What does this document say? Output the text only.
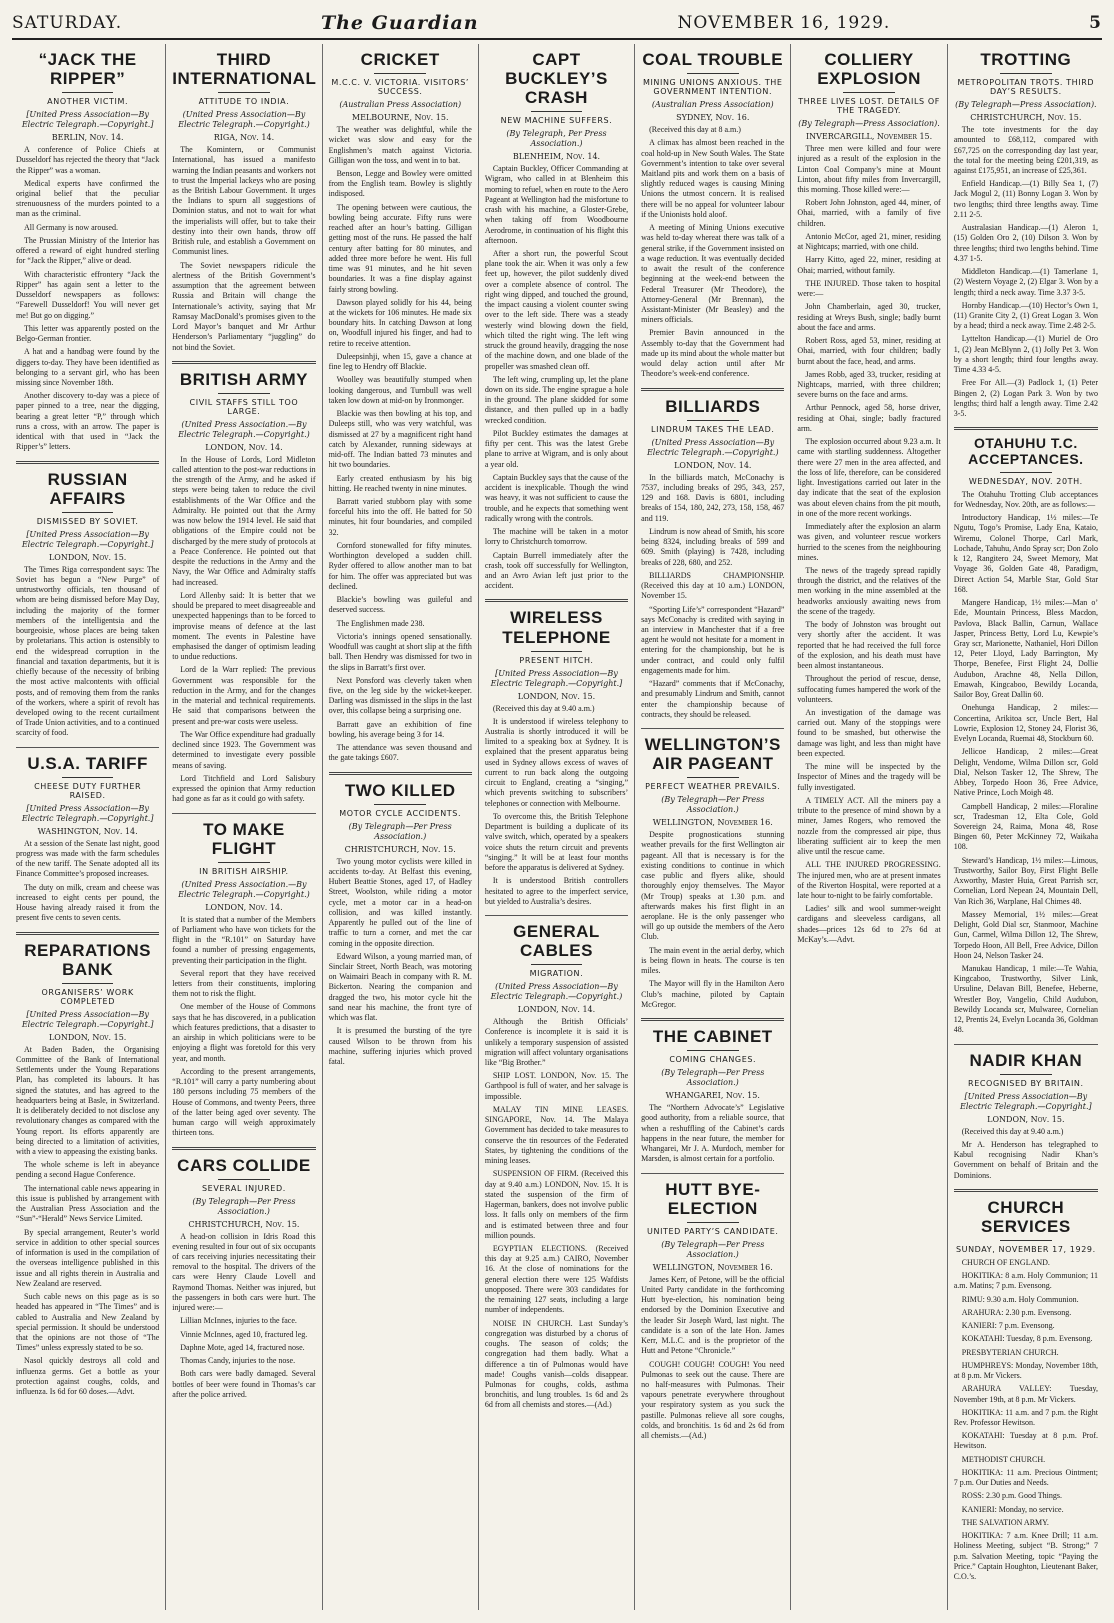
SATURDAY.	The Guardian	NOVEMBER 16, 1929.	5
“JACK THE RIPPER”
ANOTHER VICTIM.
[United Press Association—By Electric Telegraph.—Copyright.]
BERLIN, Nov. 14.

A conference of Police Chiefs at Dusseldorf has rejected the theory that “Jack the Ripper” was a woman.

Medical experts have confirmed the original belief that the peculiar strenuousness of the murders pointed to a man as the criminal.

All Germany is now aroused.

The Prussian Ministry of the Interior has offered a reward of eight hundred sterling for “Jack the Ripper,” alive or dead.

With characteristic effrontery “Jack the Ripper” has again sent a letter to the Dusseldorf newspapers as follows: “Farewell Dusseldorf! You will never get me! But go on digging.”

This letter was apparently posted on the Belgo-German frontier.

A hat and a handbag were found by the diggers to-day. They have been identified as belonging to a servant girl, who has been missing since November 18th.

Another discovery to-day was a piece of paper pinned to a tree, near the digging, bearing a great letter “P,” through which runs a cross, with an arrow. The paper is identical with that used in “Jack the Ripper’s” letters.

RUSSIAN AFFAIRS
DISMISSED BY SOVIET.
[United Press Association—By Electric Telegraph.—Copyright.]
LONDON, Nov. 15.

The Times Riga correspondent says: The Soviet has begun a “New Purge” of untrustworthy officials, ten thousand of whom are being dismissed before May Day, including the majority of the former members of the intelligentsia and the bourgeoisie, whose places are being taken by proletarians. This action is ostensibly to end the widespread corruption in the financial and taxation departments, but it is chiefly because of the necessity of bribing the most active malcontents with official posts, and of removing them from the ranks of the workers, where a spirit of revolt has developed owing to the recent curtailment of Trade Union activities, and to a continued scarcity of food.

U.S.A. TARIFF
CHEESE DUTY FURTHER RAISED.
[United Press Association—By Electric Telegraph.—Copyright.]
WASHINGTON, Nov. 14.

At a session of the Senate last night, good progress was made with the farm schedules of the new tariff. The Senate adopted all its Finance Committee’s proposed increases.

The duty on milk, cream and cheese was increased to eight cents per pound, the House having already raised it from the present five cents to seven cents.

REPARATIONS BANK
ORGANISERS’ WORK COMPLETED
[United Press Association—By Electric Telegraph.—Copyright.]
LONDON, Nov. 15.

At Baden Baden, the Organising Committee of the Bank of International Settlements under the Young Reparations Plan, has completed its labours. It has signed the statutes, and has agreed to the headquarters being at Basle, in Switzerland. It is deliberately decided to not disclose any revolutionary changes as compared with the Young report. Its efforts apparently are being directed to a limitation of activities, with a view to appeasing the existing banks.

The whole scheme is left in abeyance pending a second Hague Conference.

The international cable news appearing in this issue is published by arrangement with the Australian Press Association and the “Sun”-“Herald” News Service Limited.

By special arrangement, Reuter’s world service in addition to other special sources of information is used in the compilation of the overseas intelligence published in this issue and all rights therein in Australia and New Zealand are reserved.

Such cable news on this page as is so headed has appeared in “The Times” and is cabled to Australia and New Zealand by special permission. It should be understood that the opinions are not those of “The Times” unless expressly stated to be so.

Nasol quickly destroys all cold and influenza germs. Get a bottle as your protection against coughs, colds, and influenza. Is 6d for 60 doses.—Advt.

THIRD INTERNATIONAL
ATTITUDE TO INDIA.
(United Press Association—By Electric Telegraph.—Copyright.)
RIGA, Nov. 14.

The Komintern, or Communist International, has issued a manifesto warning the Indian peasants and workers not to trust the Imperial lackeys who are posing as the British Labour Government. It urges the Indians to spurn all suggestions of Dominion status, and not to wait for what the imperialists will offer, but to take their destiny into their own hands, throw off British rule, and establish a Government on Communist lines.

The Soviet newspapers ridicule the alertness of the British Government’s assumption that the agreement between Russia and Britain will change the Internationale’s activity, saying that Mr Ramsay MacDonald’s promises given to the Lord Mayor’s banquet and Mr Arthur Henderson’s Parliamentary “juggling” do not bind the Soviet.

BRITISH ARMY
CIVIL STAFFS STILL TOO LARGE.
(United Press Association.—By Electric Telegraph.—Copyright.)
LONDON, Nov. 14.

In the House of Lords, Lord Midleton called attention to the post-war reductions in the strength of the Army, and he asked if steps were being taken to reduce the civil establishments of the War Office and the Admiralty. He pointed out that the Army was now below the 1914 level. He said that obligations of the Empire could not be discharged by the mere study of protocols at a Peace Conference. He pointed out that despite the reductions in the Army and the Navy, the War Office and Admiralty staffs had increased.

Lord Allenby said: It is better that we should be prepared to meet disagreeable and unexpected happenings than to be forced to improvise means of defence at the last moment. The events in Palestine have emphasised the danger of optimism leading to undue reductions.

Lord de la Warr replied: The previous Government was responsible for the reduction in the Army, and for the changes in the material and technical requirements. He said that comparisons between the present and pre-war costs were useless.

The War Office expenditure had gradually declined since 1923. The Government was determined to investigate every possible means of saving.

Lord Titchfield and Lord Salisbury expressed the opinion that Army reduction had gone as far as it could go with safety.

TO MAKE FLIGHT
IN BRITISH AIRSHIP.
(United Press Association.—By Electric Telegraph.—Copyright.)
LONDON, Nov. 14.

It is stated that a number of the Members of Parliament who have won tickets for the flight in the “R.101” on Saturday have found a number of pressing engagements, preventing their participation in the flight.

Several report that they have received letters from their constituents, imploring them not to risk the flight.

One member of the House of Commons says that he has discovered, in a publication which features predictions, that a disaster to an airship in which politicians were to be enjoying a flight was foretold for this very year, and month.

According to the present arrangements, “R.101” will carry a party numbering about 180 persons including 75 members of the House of Commons, and twenty Peers, three of the latter being aged over seventy. The human cargo will weigh approximately thirteen tons.

CARS COLLIDE
SEVERAL INJURED.
(By Telegraph—Per Press Association.)
CHRISTCHURCH, Nov. 15.

A head-on collision in Idris Road this evening resulted in four out of six occupants of cars receiving injuries necessitating their removal to the hospital. The drivers of the cars were Henry Claude Lovell and Raymond Thomas. Neither was injured, but the passengers in both cars were hurt. The injured were:—

Lillian McInnes, injuries to the face.

Vinnie McInnes, aged 10, fractured leg.

Daphne Mote, aged 14, fractured nose.

Thomas Candy, injuries to the nose.

Both cars were badly damaged. Several bottles of beer were found in Thomas’s car after the police arrived.

CRICKET
M.C.C. V. VICTORIA. VISITORS’ SUCCESS.
(Australian Press Association)
MELBOURNE, Nov. 15.

The weather was delightful, while the wicket was slow and easy for the Englishmen’s match against Victoria. Gilligan won the toss, and went in to bat.

Benson, Legge and Bowley were omitted from the English team. Bowley is slightly indisposed.

The opening between were cautious, the bowling being accurate. Fifty runs were reached after an hour’s batting. Gilligan getting most of the runs. He passed the half century after batting for 80 minutes, and added three more before he went. His full time was 91 minutes, and he hit seven boundaries. It was a fine display against fairly strong bowling.

Dawson played solidly for his 44, being at the wickets for 106 minutes. He made six boundary hits. In catching Dawson at long on, Woodfull injured his finger, and had to retire to receive attention.

Duleepsinhji, when 15, gave a chance at fine leg to Hendry off Blackie.

Woolley was beautifully stumped when looking dangerous, and Turnbull was well taken low down at mid-on by Ironmonger.

Blackie was then bowling at his top, and Duleeps still, who was very watchful, was dismissed at 27 by a magnificent right hand catch by Alexander, running sideways at mid-off. The Indian batted 73 minutes and hit two boundaries.

Early created enthusiasm by his big hitting. He reached twenty in nine minutes.

Barratt varied stubborn play with some forceful hits into the off. He batted for 50 minutes, hit four boundaries, and compiled 32.

Cornford stonewalled for fifty minutes. Worthington developed a sudden chill. Ryder offered to allow another man to bat for him. The offer was appreciated but was declined.

Blackie’s bowling was guileful and deserved success.

The Englishmen made 238.

Victoria’s innings opened sensationally. Woodfull was caught at short slip at the fifth ball. Then Hendry was dismissed for two in the slips in Barratt’s first over.

Next Ponsford was cleverly taken when five, on the leg side by the wicket-keeper. Darling was dismissed in the slips in the last over, this collapse being a surprising one.

Barratt gave an exhibition of fine bowling, his average being 3 for 14.

The attendance was seven thousand and the gate takings £607.

TWO KILLED
MOTOR CYCLE ACCIDENTS.
(By Telegraph—Per Press Association.)
CHRISTCHURCH, Nov. 15.

Two young motor cyclists were killed in accidents to-day. At Belfast this evening, Hubert Beattie Stones, aged 17, of Hadley Street, Woolston, while riding a motor cycle, met a motor car in a head-on collision, and was killed instantly. Apparently he pulled out of the line of traffic to turn a corner, and met the car coming in the opposite direction.

Edward Wilson, a young married man, of Sinclair Street, North Beach, was motoring on Waimairi Beach in company with R. M. Bickerton. Nearing the companion and dragged the two, his motor cycle hit the sand near his machine, the front tyre of which was flat.

It is presumed the bursting of the tyre caused Wilson to be thrown from his machine, suffering injuries which proved fatal.

CAPT BUCKLEY’S CRASH
NEW MACHINE SUFFERS.
(By Telegraph, Per Press Association.)
BLENHEIM, Nov. 14.

Captain Buckley, Officer Commanding at Wigram, who called in at Blenheim this morning to refuel, when en route to the Aero Pageant at Wellington had the misfortune to crash with his machine, a Gloster-Grebe, when taking off from Woodbourne Aerodrome, in continuation of his flight this afternoon.

After a short run, the powerful Scout plane took the air. When it was only a few feet up, however, the pilot suddenly dived over a complete absence of control. The right wing dipped, and touched the ground, the impact causing a violent counter swing over to the left side. There was a steady westerly wind blowing down the field, which tilted the right wing. The left wing struck the ground heavily, dragging the nose of the machine down, and one blade of the propeller was smashed clean off.

The left wing, crumpling up, let the plane down on its side. The engine sprague a hole in the ground. The plane skidded for some distance, and then pulled up in a badly wrecked condition.

Pilot Buckley estimates the damages at fifty per cent. This was the latest Grebe plane to arrive at Wigram, and is only about a year old.

Captain Buckley says that the cause of the accident is inexplicable. Though the wind was heavy, it was not sufficient to cause the trouble, and he expects that something went radically wrong with the controls.

The machine will be taken in a motor lorry to Christchurch tomorrow.

Captain Burrell immediately after the crash, took off successfully for Wellington, and an Avro Avian left just prior to the accident.

WIRELESS TELEPHONE
PRESENT HITCH.
[United Press Association—By Electric Telegraph.—Copyright.]
LONDON, Nov. 15.

(Received this day at 9.40 a.m.)

It is understood if wireless telephony to Australia is shortly introduced it will be limited to a speaking box at Sydney. It is explained that the present apparatus being used in Sydney allows excess of waves of current to run back along the outgoing circuit to England, creating a “singing,” which prevents switching to subscribers’ telephones or connection with Melbourne.

To overcome this, the British Telephone Department is building a duplicate of its valve switch, which, operated by a speakers voice shuts the return circuit and prevents “singing.” It will be at least four months before the apparatus is delivered at Sydney.

It is understood British controllers hesitated to agree to the imperfect service, but yielded to Australia’s desires.

GENERAL CABLES
MIGRATION.
(United Press Association—By Electric Telegraph.—Copyright.)
LONDON, Nov. 14.

Although the British Officials’ Conference is incomplete it is said it is unlikely a temporary suspension of assisted migration will affect voluntary organisations like “Big Brother.”

SHIP LOST. LONDON, Nov. 15. The Garthpool is full of water, and her salvage is impossible.

MALAY TIN MINE LEASES. SINGAPORE, Nov. 14. The Malaya Government has decided to take measures to conserve the tin resources of the Federated States, by tightening the conditions of the mining leases.

SUSPENSION OF FIRM. (Received this day at 9.40 a.m.) LONDON, Nov. 15. It is stated the suspension of the firm of Hagerman, bankers, does not involve public loss. It falls only on members of the firm and is estimated between three and four million pounds.

EGYPTIAN ELECTIONS. (Received this day at 9.25 a.m.) CAIRO, November 16. At the close of nominations for the general election there were 125 Wafdists unopposed. There were 303 candidates for the remaining 127 seats, including a large number of independents.

NOISE IN CHURCH. Last Sunday’s congregation was disturbed by a chorus of coughs. The season of colds; the congregation had them badly. What a difference a tin of Pulmonas would have made! Coughs vanish—colds disappear. Pulmonas for coughs, colds, asthma bronchitis, and lung troubles. 1s 6d and 2s 6d from all chemists and stores.—(Ad.)

COAL TROUBLE
MINING UNIONS ANXIOUS. THE GOVERNMENT INTENTION.
(Australian Press Association)
SYDNEY, Nov. 16.

(Received this day at 8 a.m.)

A climax has almost been reached in the coal hold-up in New South Wales. The State Government’s intention to take over several Maitland pits and work them on a basis of slightly reduced wages is causing Mining Unions the utmost concern. It is realised there will be no appeal for volunteer labour if the Unionists hold aloof.

A meeting of Mining Unions executive was held to-day whereat there was talk of a general strike, if the Government insisted on a wage reduction. It was eventually decided to await the result of the conference beginning at the week-end between the Federal Treasurer (Mr Theodore), the Attorney-General (Mr Brennan), the Assistant-Minister (Mr Beasley) and the miners officials.

Premier Bavin announced in the Assembly to-day that the Government had made up its mind about the whole matter but would delay action until after Mr Theodore’s week-end conference.

BILLIARDS
LINDRUM TAKES THE LEAD.
(United Press Association—By Electric Telegraph.—Copyright.)
LONDON, Nov. 14.

In the billiards match, McConachy is 7537, including breaks of 295, 343, 257, 129 and 168. Davis is 6801, including breaks of 154, 180, 242, 273, 158, 158, 467 and 119.

Lindrum is now ahead of Smith, his score being 8324, including breaks of 599 and 609. Smith (playing) is 7428, including breaks of 228, 680, and 252.

BILLIARDS CHAMPIONSHIP. (Received this day at 10 a.m.) LONDON, November 15.

“Sporting Life’s” correspondent “Hazard” says McConachy is credited with saying in an interview in Manchester that if a free agent he would not hesitate for a moment in entering for the championship, but he is under contract, and could only fulfil engagements made for him.

“Hazard” comments that if McConachy, and presumably Lindrum and Smith, cannot enter the championship because of contracts, they should be released.

WELLINGTON’S AIR PAGEANT
PERFECT WEATHER PREVAILS.
(By Telegraph—Per Press Association.)
WELLINGTON, November 16.

Despite prognostications stunning weather prevails for the first Wellington air pageant. All that is necessary is for the existing conditions to continue in which case public and flyers alike, should thoroughly enjoy themselves. The Mayor (Mr Troup) speaks at 1.30 p.m. and afterwards makes his first flight in an aeroplane. He is the only passenger who will go up outside the members of the Aero Club.

The main event in the aerial derby, which is being flown in heats. The course is ten miles.

The Mayor will fly in the Hamilton Aero Club’s machine, piloted by Captain McGregor.

THE CABINET
COMING CHANGES.
(By Telegraph—Per Press Association.)
WHANGAREI, Nov. 15.

The “Northern Advocate’s” Legislative good authority, from a reliable source, that when a reshuffling of the Cabinet’s cards happens in the near future, the member for Whangarei, Mr J. A. Murdoch, member for Marsden, is almost certain for a portfolio.

HUTT BYE-ELECTION
UNITED PARTY’S CANDIDATE.
(By Telegraph—Per Press Association.)
WELLINGTON, November 16.

James Kerr, of Petone, will be the official United Party candidate in the forthcoming Hutt bye-election, his nomination being endorsed by the Dominion Executive and the leader Sir Joseph Ward, last night. The candidate is a son of the late Hon. James Kerr, M.L.C. and is the proprietor of the Hutt and Petone “Chronicle.”

COUGH! COUGH! COUGH! You need Pulmonas to seek out the cause. There are no half-measures with Pulmonas. Their vapours penetrate everywhere throughout your respiratory system as you suck the pastille. Pulmonas relieve all sore coughs, colds, and bronchitis. 1s 6d and 2s 6d from all chemists.—(Ad.)

COLLIERY EXPLOSION
THREE LIVES LOST. DETAILS OF THE TRAGEDY.
(By Telegraph—Press Association).
INVERCARGILL, November 15.

Three men were killed and four were injured as a result of the explosion in the Linton Coal Company’s mine at Mount Linton, about fifty miles from Invercargill, this morning. Those killed were:—

Robert John Johnston, aged 44, miner, of Ohai, married, with a family of five children.

Antonio McCor, aged 21, miner, residing at Nightcaps; married, with one child.

Harry Kitto, aged 22, miner, residing at Ohai; married, without family.

THE INJURED. Those taken to hospital were:—

John Chamberlain, aged 30, trucker, residing at Wreys Bush, single; badly burnt about the face and arms.

Robert Ross, aged 53, miner, residing at Ohai, married, with four children; badly burnt about the face, head, and arms.

James Robb, aged 33, trucker, residing at Nightcaps, married, with three children; severe burns on the face and arms.

Arthur Pennock, aged 58, horse driver, residing at Ohai, single; badly fractured arm.

The explosion occurred about 9.23 a.m. It came with startling suddenness. Altogether there were 27 men in the area affected, and the loss of life, therefore, can be considered light. Investigations carried out later in the day indicate that the seat of the explosion was about eleven chains from the pit mouth, in one of the more recent workings.

Immediately after the explosion an alarm was given, and volunteer rescue workers hurried to the scenes from the neighbouring mines.

The news of the tragedy spread rapidly through the district, and the relatives of the men working in the mine assembled at the headworks anxiously awaiting news from the scene of the tragedy.

The body of Johnston was brought out very shortly after the accident. It was reported that he had received the full force of the explosion, and his death must have been almost instantaneous.

Throughout the period of rescue, dense, suffocating fumes hampered the work of the volunteers.

An investigation of the damage was carried out. Many of the stoppings were found to be smashed, but otherwise the damage was light, and less than might have been expected.

The mine will be inspected by the Inspector of Mines and the tragedy will be fully investigated.

A TIMELY ACT. All the miners pay a tribute to the presence of mind shown by a miner, James Rogers, who removed the nozzle from the compressed air pipe, thus liberating sufficient air to keep the men alive until the rescue came.

ALL THE INJURED PROGRESSING. The injured men, who are at present inmates of the Riverton Hospital, were reported at a late hour to-night to be fairly comfortable.

Ladies’ silk and wool summer-weight cardigans and sleeveless cardigans, all shades—prices 12s 6d to 27s 6d at McKay’s.—Advt.

TROTTING
METROPOLITAN TROTS. THIRD DAY’S RESULTS.
(By Telegraph—Press Association).
CHRISTCHURCH, Nov. 15.

The tote investments for the day amounted to £68,112, compared with £67,725 on the corresponding day last year, the total for the meeting being £201,319, as against £175,951, an increase of £25,361.

Enfield Handicap.—(1) Billy Sea 1, (7) Jack Mogul 2, (11) Bonny Logan 3. Won by two lengths; third three lengths away. Time 2.11 2-5.

Australasian Handicap.—(1) Aleron 1, (15) Golden Oro 2, (10) Dilson 3. Won by three lengths; third two lengths behind. Time 4.37 1-5.

Middleton Handicap.—(1) Tamerlane 1, (2) Western Voyage 2, (2) Elgar 3. Won by a length; third a neck away. Time 3.37 3-5.

Hornby Handicap.—(10) Hector’s Own 1, (11) Granite City 2, (1) Great Logan 3. Won by a head; third a neck away. Time 2.48 2-5.

Lyttelton Handicap.—(1) Muriel de Oro 1, (2) Jean McBlynn 2, (1) Jolly Pet 3. Won by a short length; third four lengths away. Time 4.33 4-5.

Free For All.—(3) Padlock 1, (1) Peter Bingen 2, (2) Logan Park 3. Won by two lengths; third half a length away. Time 2.42 3-5.

OTAHUHU T.C. ACCEPTANCES.
WEDNESDAY, NOV. 20TH.

The Otahuhu Trotting Club acceptances for Wednesday, Nov. 20th, are as follows:—

Introductory Handicap, 1½ miles:—Te Ngutu, Togo’s Promise, Lady Ena, Kataio, Wiremu, Colonel Thorpe, Carl Mark, Lochade, Tahuhu, Ando Spray scr; Don Zolo k 12, Rangitero 24, Sweet Memory, Mat Voyage 36, Golden Gate 48, Paradigm, Direct Action 54, Marble Star, Gold Star 168.

Mangere Handicap, 1½ miles:—Man o’ Ede, Mountain Princess, Bless Macdon, Pavlova, Black Ballin, Carnun, Wallace Jasper, Princess Betty, Lord Lu, Kewpie’s Gray scr, Marionette, Nathaniel, Hori Dillon 12, Peter Lloyd, Lady Barrington, My Thorpe, Benefee, First Flight 24, Dollie Audubon, Arachne 48, Nella Dillon, Emawah, Kingcaboo, Bewildy Locanda, Sailor Boy, Great Dallin 60.

Onehunga Handicap, 2 miles:—Concertina, Arikitoa scr, Uncle Bert, Hal Lowrie, Explosion 12, Stoney 24, Florist 36, Evelyn Locanda, Ruemai 48, Stockburn 60.

Jellicoe Handicap, 2 miles:—Great Delight, Vendome, Wilma Dillon scr, Gold Dial, Nelson Tasker 12, The Shrew, The Abbey, Torpedo Hoon 36, Free Advice, Native Prince, Loch Moigh 48.

Campbell Handicap, 2 miles:—Floraline scr, Tradesman 12, Elta Cole, Gold Sovereign 24, Raima, Mona 48, Rose Bingen 60, Peter McKinney 72, Waikaha 108.

Steward’s Handicap, 1½ miles:—Limous, Trustworthy, Sailor Boy, First Flight Belle Axworthy, Master Huia, Great Parrish scr, Cornelian, Lord Nepean 24, Mountain Dell, Van Rich 36, Warplane, Hal Chimes 48.

Massey Memorial, 1½ miles:—Great Delight, Gold Dial scr, Stanmoor, Machine Gun, Carmel, Wilma Dillon 12, The Shrew, Torpedo Hoon, All Bell, Free Advice, Dillon Hoon 24, Nelson Tasker 24.

Manukau Handicap, 1 mile:—Te Wahia, Kingcaboo, Trustworthy, Silver Link, Ursuline, Delavan Bill, Benefee, Heberne, Wrestler Boy, Vangelio, Child Audubon, Bewildy Locanda scr, Mulwaree, Cornelian 12, Prentis 24, Evelyn Locanda 36, Goldman 48.

NADIR KHAN
RECOGNISED BY BRITAIN.
[United Press Association—By Electric Telegraph.—Copyright.]
LONDON, Nov. 15.

(Received this day at 9.40 a.m.)

Mr A. Henderson has telegraphed to Kabul recognising Nadir Khan’s Government on behalf of Britain and the Dominions.

CHURCH SERVICES
SUNDAY, NOVEMBER 17, 1929.

CHURCH OF ENGLAND.

HOKITIKA: 8 a.m. Holy Communion; 11 a.m. Matins; 7 p.m. Evensong.

RIMU: 9.30 a.m. Holy Communion.

ARAHURA: 2.30 p.m. Evensong.

KANIERI: 7 p.m. Evensong.

KOKATAHI: Tuesday, 8 p.m. Evensong.

PRESBYTERIAN CHURCH.

HUMPHREYS: Monday, November 18th, at 8 p.m. Mr Vickers.

ARAHURA VALLEY: Tuesday, November 19th, at 8 p.m. Mr Vickers.

HOKITIKA: 11 a.m. and 7 p.m. the Right Rev. Professor Hewitson.

KOKATAHI: Tuesday at 8 p.m. Prof. Hewitson.

METHODIST CHURCH.

HOKITIKA: 11 a.m. Precious Ointment; 7 p.m. Our Duties and Needs.

ROSS: 2.30 p.m. Good Things.

KANIERI: Monday, no service.

THE SALVATION ARMY.

HOKITIKA: 7 a.m. Knee Drill; 11 a.m. Holiness Meeting, subject “B. Strong;” 7 p.m. Salvation Meeting, topic “Paying the Price.” Captain Houghton, Lieutenant Baker, C.O.’s.
